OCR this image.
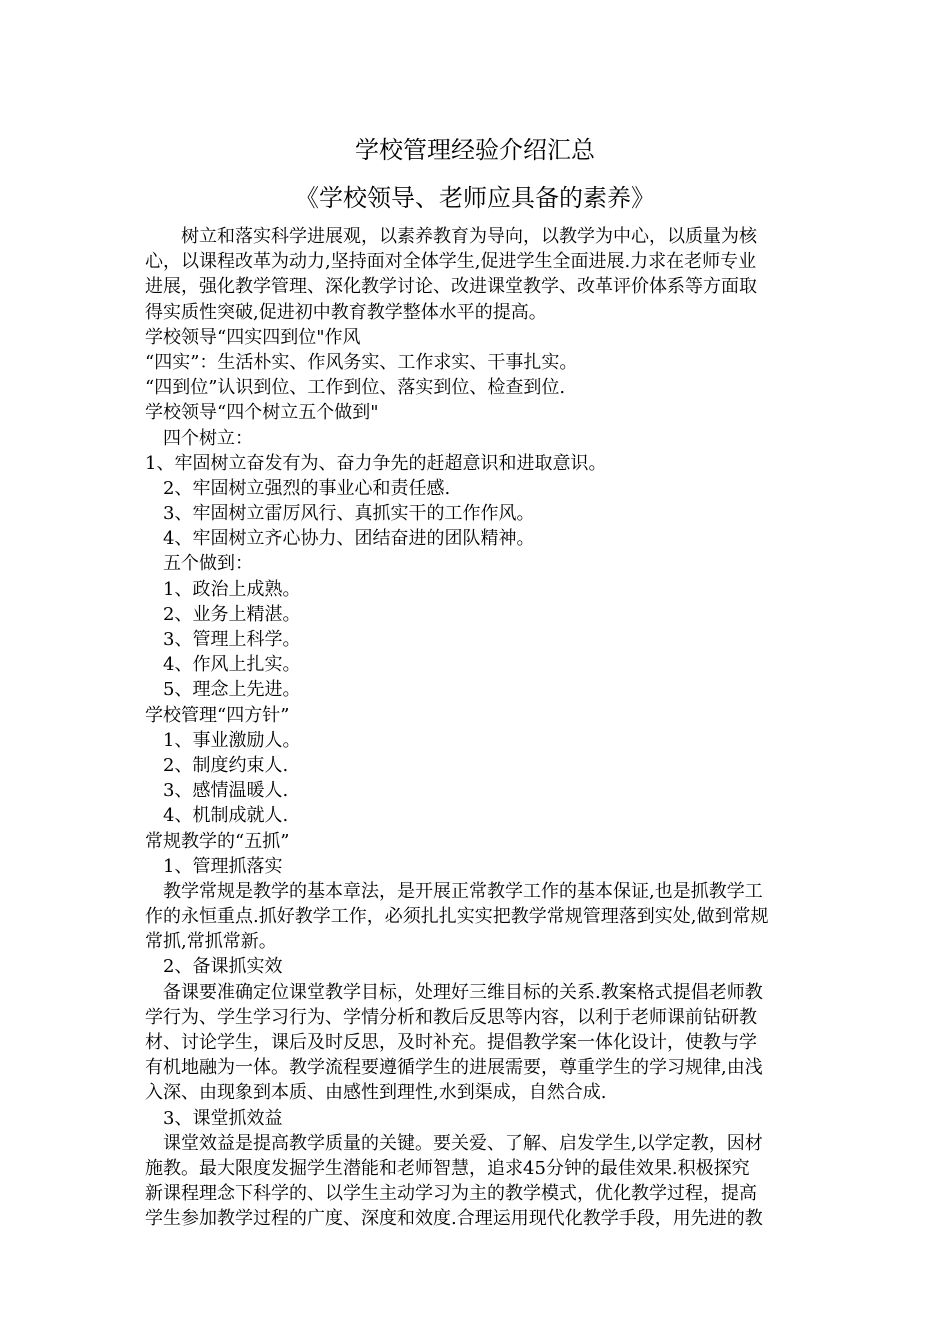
学校管理经验介绍汇总
《学校领导、老师应具备的素养》
树立和落实科学进展观，以素养教育为导向，以教学为中心，以质量为核
心，以课程改革为动力,坚持面对全体学生,促进学生全面进展.力求在老师专业
进展，强化教学管理、深化教学讨论、改进课堂教学、改革评价体系等方面取
得实质性突破,促进初中教育教学整体水平的提高。
学校领导“四实四到位"作风
“四实”：生活朴实、作风务实、工作求实、干事扎实。
“四到位”认识到位、工作到位、落实到位、检查到位.
学校领导“四个树立五个做到"
四个树立：
1、牢固树立奋发有为、奋力争先的赶超意识和进取意识。
2、牢固树立强烈的事业心和责任感.
3、牢固树立雷厉风行、真抓实干的工作作风。
4、牢固树立齐心协力、团结奋进的团队精神。
五个做到：
1、政治上成熟。
2、业务上精湛。
3、管理上科学。
4、作风上扎实。
5、理念上先进。
学校管理“四方针”
1、事业激励人。
2、制度约束人.
3、感情温暖人.
4、机制成就人.
常规教学的“五抓”
1、管理抓落实
教学常规是教学的基本章法，是开展正常教学工作的基本保证,也是抓教学工
作的永恒重点.抓好教学工作，必须扎扎实实把教学常规管理落到实处,做到常规
常抓,常抓常新。
2、备课抓实效
备课要准确定位课堂教学目标，处理好三维目标的关系.教案格式提倡老师教
学行为、学生学习行为、学情分析和教后反思等内容，以利于老师课前钻研教
材、讨论学生，课后及时反思，及时补充。提倡教学案一体化设计，使教与学
有机地融为一体。教学流程要遵循学生的进展需要，尊重学生的学习规律,由浅
入深、由现象到本质、由感性到理性,水到渠成，自然合成.
3、课堂抓效益
课堂效益是提高教学质量的关键。要关爱、了解、启发学生,以学定教，因材
施教。最大限度发掘学生潜能和老师智慧，追求45分钟的最佳效果.积极探究
新课程理念下科学的、以学生主动学习为主的教学模式，优化教学过程，提高
学生参加教学过程的广度、深度和效度.合理运用现代化教学手段，用先进的教
